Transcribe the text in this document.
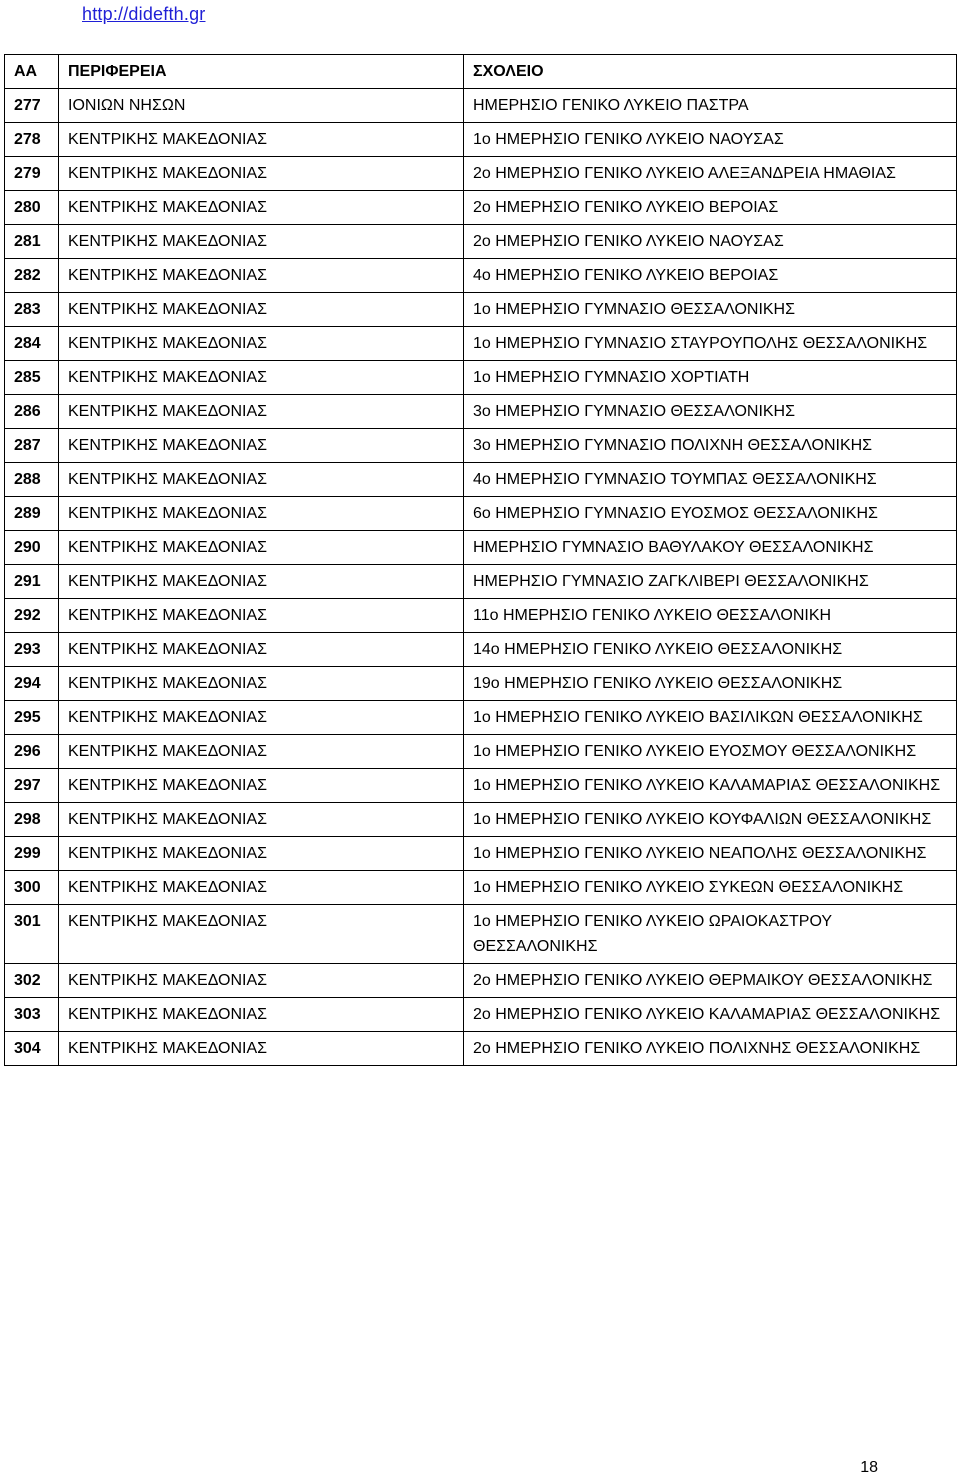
http://didefth.gr
ΑΑ	ΠΕΡΙΦΕΡΕΙΑ	ΣΧΟΛΕΙΟ
277	ΙΟΝΙΩΝ ΝΗΣΩΝ	ΗΜΕΡΗΣΙΟ ΓΕΝΙΚΟ ΛΥΚΕΙΟ ΠΑΣΤΡΑ
278	ΚΕΝΤΡΙΚΗΣ ΜΑΚΕΔΟΝΙΑΣ	1ο ΗΜΕΡΗΣΙΟ ΓΕΝΙΚΟ ΛΥΚΕΙΟ ΝΑΟΥΣΑΣ
279	ΚΕΝΤΡΙΚΗΣ ΜΑΚΕΔΟΝΙΑΣ	2ο ΗΜΕΡΗΣΙΟ ΓΕΝΙΚΟ ΛΥΚΕΙΟ ΑΛΕΞΑΝΔΡΕΙΑ ΗΜΑΘΙΑΣ
280	ΚΕΝΤΡΙΚΗΣ ΜΑΚΕΔΟΝΙΑΣ	2ο ΗΜΕΡΗΣΙΟ ΓΕΝΙΚΟ ΛΥΚΕΙΟ ΒΕΡΟΙΑΣ
281	ΚΕΝΤΡΙΚΗΣ ΜΑΚΕΔΟΝΙΑΣ	2ο ΗΜΕΡΗΣΙΟ ΓΕΝΙΚΟ ΛΥΚΕΙΟ ΝΑΟΥΣΑΣ
282	ΚΕΝΤΡΙΚΗΣ ΜΑΚΕΔΟΝΙΑΣ	4ο ΗΜΕΡΗΣΙΟ ΓΕΝΙΚΟ ΛΥΚΕΙΟ ΒΕΡΟΙΑΣ
283	ΚΕΝΤΡΙΚΗΣ ΜΑΚΕΔΟΝΙΑΣ	1ο ΗΜΕΡΗΣΙΟ ΓΥΜΝΑΣΙΟ ΘΕΣΣΑΛΟΝΙΚΗΣ
284	ΚΕΝΤΡΙΚΗΣ ΜΑΚΕΔΟΝΙΑΣ	1ο ΗΜΕΡΗΣΙΟ ΓΥΜΝΑΣΙΟ ΣΤΑΥΡΟΥΠΟΛΗΣ ΘΕΣΣΑΛΟΝΙΚΗΣ
285	ΚΕΝΤΡΙΚΗΣ ΜΑΚΕΔΟΝΙΑΣ	1ο ΗΜΕΡΗΣΙΟ ΓΥΜΝΑΣΙΟ ΧΟΡΤΙΑΤΗ
286	ΚΕΝΤΡΙΚΗΣ ΜΑΚΕΔΟΝΙΑΣ	3ο ΗΜΕΡΗΣΙΟ ΓΥΜΝΑΣΙΟ ΘΕΣΣΑΛΟΝΙΚΗΣ
287	ΚΕΝΤΡΙΚΗΣ ΜΑΚΕΔΟΝΙΑΣ	3ο ΗΜΕΡΗΣΙΟ ΓΥΜΝΑΣΙΟ ΠΟΛΙΧΝΗ ΘΕΣΣΑΛΟΝΙΚΗΣ
288	ΚΕΝΤΡΙΚΗΣ ΜΑΚΕΔΟΝΙΑΣ	4ο ΗΜΕΡΗΣΙΟ ΓΥΜΝΑΣΙΟ ΤΟΥΜΠΑΣ ΘΕΣΣΑΛΟΝΙΚΗΣ
289	ΚΕΝΤΡΙΚΗΣ ΜΑΚΕΔΟΝΙΑΣ	6ο ΗΜΕΡΗΣΙΟ ΓΥΜΝΑΣΙΟ ΕΥΟΣΜΟΣ ΘΕΣΣΑΛΟΝΙΚΗΣ
290	ΚΕΝΤΡΙΚΗΣ ΜΑΚΕΔΟΝΙΑΣ	ΗΜΕΡΗΣΙΟ ΓΥΜΝΑΣΙΟ ΒΑΘΥΛΑΚΟΥ ΘΕΣΣΑΛΟΝΙΚΗΣ
291	ΚΕΝΤΡΙΚΗΣ ΜΑΚΕΔΟΝΙΑΣ	ΗΜΕΡΗΣΙΟ ΓΥΜΝΑΣΙΟ ΖΑΓΚΛΙΒΕΡΙ ΘΕΣΣΑΛΟΝΙΚΗΣ
292	ΚΕΝΤΡΙΚΗΣ ΜΑΚΕΔΟΝΙΑΣ	11ο ΗΜΕΡΗΣΙΟ ΓΕΝΙΚΟ ΛΥΚΕΙΟ ΘΕΣΣΑΛΟΝΙΚΗ
293	ΚΕΝΤΡΙΚΗΣ ΜΑΚΕΔΟΝΙΑΣ	14ο ΗΜΕΡΗΣΙΟ ΓΕΝΙΚΟ ΛΥΚΕΙΟ ΘΕΣΣΑΛΟΝΙΚΗΣ
294	ΚΕΝΤΡΙΚΗΣ ΜΑΚΕΔΟΝΙΑΣ	19ο ΗΜΕΡΗΣΙΟ ΓΕΝΙΚΟ ΛΥΚΕΙΟ ΘΕΣΣΑΛΟΝΙΚΗΣ
295	ΚΕΝΤΡΙΚΗΣ ΜΑΚΕΔΟΝΙΑΣ	1ο ΗΜΕΡΗΣΙΟ ΓΕΝΙΚΟ ΛΥΚΕΙΟ ΒΑΣΙΛΙΚΩΝ ΘΕΣΣΑΛΟΝΙΚΗΣ
296	ΚΕΝΤΡΙΚΗΣ ΜΑΚΕΔΟΝΙΑΣ	1ο ΗΜΕΡΗΣΙΟ ΓΕΝΙΚΟ ΛΥΚΕΙΟ ΕΥΟΣΜΟΥ ΘΕΣΣΑΛΟΝΙΚΗΣ
297	ΚΕΝΤΡΙΚΗΣ ΜΑΚΕΔΟΝΙΑΣ	1ο ΗΜΕΡΗΣΙΟ ΓΕΝΙΚΟ ΛΥΚΕΙΟ ΚΑΛΑΜΑΡΙΑΣ ΘΕΣΣΑΛΟΝΙΚΗΣ
298	ΚΕΝΤΡΙΚΗΣ ΜΑΚΕΔΟΝΙΑΣ	1ο ΗΜΕΡΗΣΙΟ ΓΕΝΙΚΟ ΛΥΚΕΙΟ ΚΟΥΦΑΛΙΩΝ ΘΕΣΣΑΛΟΝΙΚΗΣ
299	ΚΕΝΤΡΙΚΗΣ ΜΑΚΕΔΟΝΙΑΣ	1ο ΗΜΕΡΗΣΙΟ ΓΕΝΙΚΟ ΛΥΚΕΙΟ ΝΕΑΠΟΛΗΣ ΘΕΣΣΑΛΟΝΙΚΗΣ
300	ΚΕΝΤΡΙΚΗΣ ΜΑΚΕΔΟΝΙΑΣ	1ο ΗΜΕΡΗΣΙΟ ΓΕΝΙΚΟ ΛΥΚΕΙΟ ΣΥΚΕΩΝ ΘΕΣΣΑΛΟΝΙΚΗΣ
301	ΚΕΝΤΡΙΚΗΣ ΜΑΚΕΔΟΝΙΑΣ	1ο ΗΜΕΡΗΣΙΟ ΓΕΝΙΚΟ ΛΥΚΕΙΟ ΩΡΑΙΟΚΑΣΤΡΟΥ ΘΕΣΣΑΛΟΝΙΚΗΣ
302	ΚΕΝΤΡΙΚΗΣ ΜΑΚΕΔΟΝΙΑΣ	2ο ΗΜΕΡΗΣΙΟ ΓΕΝΙΚΟ ΛΥΚΕΙΟ ΘΕΡΜΑΙΚΟΥ ΘΕΣΣΑΛΟΝΙΚΗΣ
303	ΚΕΝΤΡΙΚΗΣ ΜΑΚΕΔΟΝΙΑΣ	2ο ΗΜΕΡΗΣΙΟ ΓΕΝΙΚΟ ΛΥΚΕΙΟ ΚΑΛΑΜΑΡΙΑΣ ΘΕΣΣΑΛΟΝΙΚΗΣ
304	ΚΕΝΤΡΙΚΗΣ ΜΑΚΕΔΟΝΙΑΣ	2ο ΗΜΕΡΗΣΙΟ ΓΕΝΙΚΟ ΛΥΚΕΙΟ ΠΟΛΙΧΝΗΣ ΘΕΣΣΑΛΟΝΙΚΗΣ
18
